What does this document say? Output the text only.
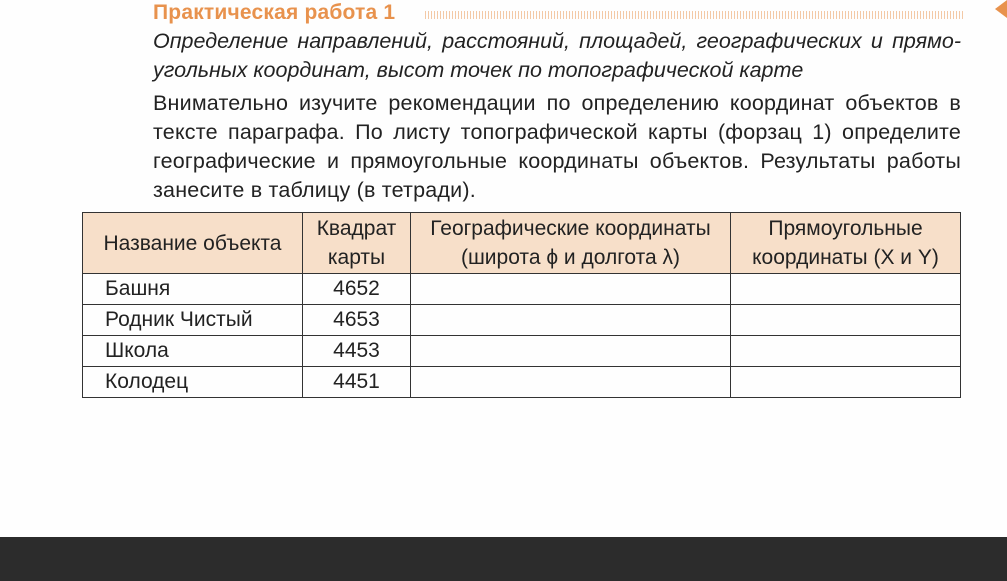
Практическая работа 1
Определение направлений, расстояний, площадей, географических и прямоугольных координат, высот точек по топографической карте
Внимательно изучите рекомендации по определению координат объектов в тексте параграфа. По листу топографической карты (форзац 1) определите географические и прямоугольные координаты объектов. Результаты работы занесите в таблицу (в тетради).
Название объекта	Квадрат карты	Географические координаты (широта ϕ и долгота λ)	Прямоугольные координаты (X и Y)
Башня	4652		
Родник Чистый	4653		
Школа	4453		
Колодец	4451		
